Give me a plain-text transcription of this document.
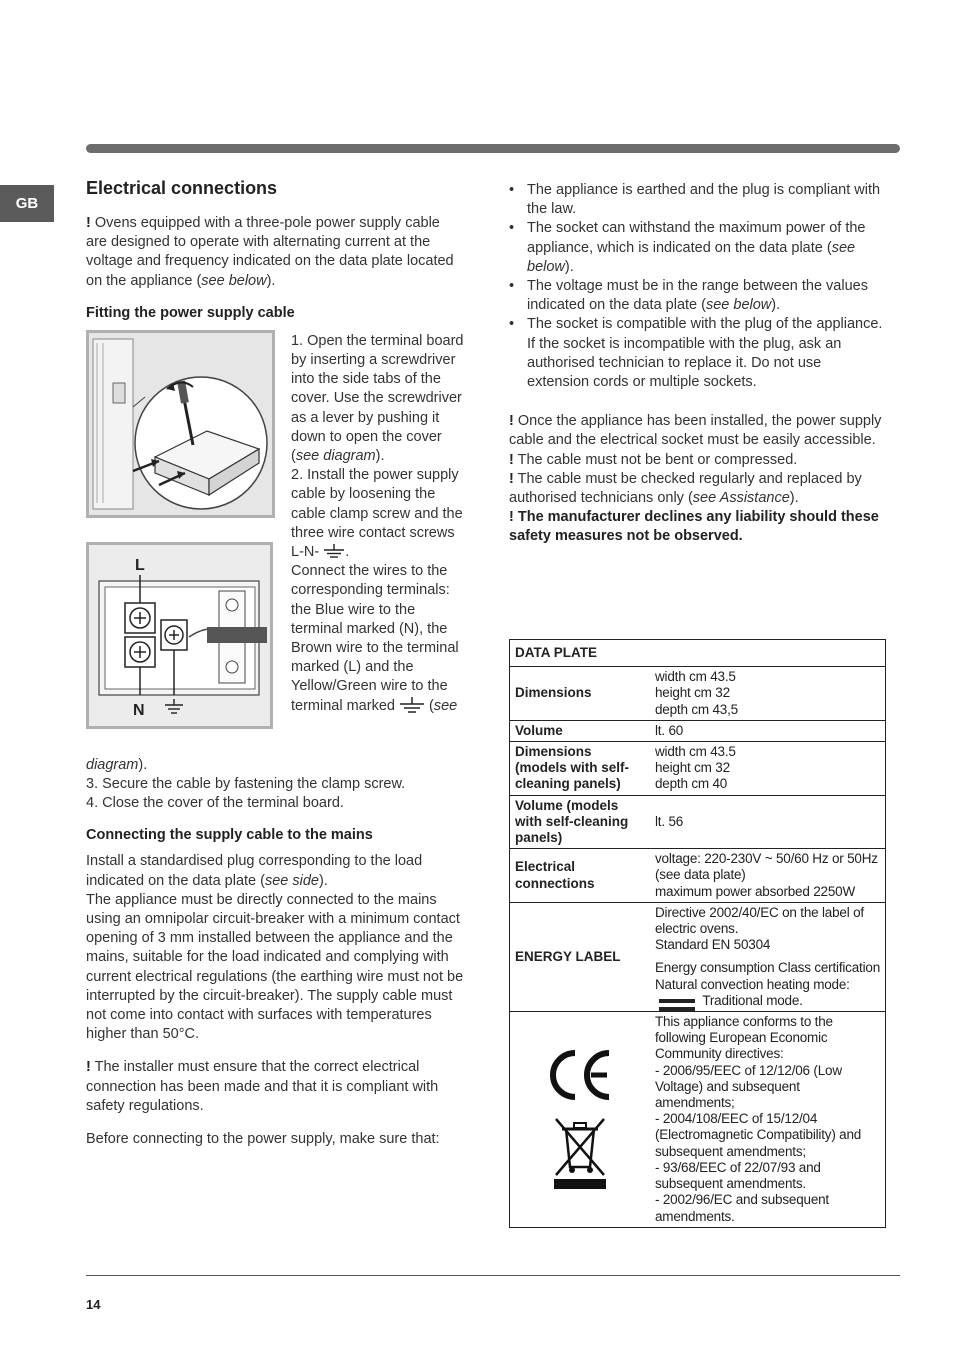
GB
Electrical connections

! Ovens equipped with a three-pole power supply cable are designed to operate with alternating current at the voltage and frequency indicated on the data plate located on the appliance (see below).

Fitting the power supply cable
1. Open the terminal board by inserting a screwdriver into the side tabs of the cover. Use the screwdriver as a lever by pushing it down to open the cover (see diagram).
2. Install the power supply cable by loosening the cable clamp screw and the three wire contact screws L-N- .
Connect the wires to the corresponding terminals: the Blue wire to the terminal marked (N), the Brown wire to the terminal marked (L) and the Yellow/Green wire to the terminal marked  (see
L
N
diagram).
3. Secure the cable by fastening the clamp screw.
4. Close the cover of the terminal board.
Connecting the supply cable to the mains

Install a standardised plug corresponding to the load indicated on the data plate (see side).

The appliance must be directly connected to the mains using an omnipolar circuit-breaker with a minimum contact opening of 3 mm installed between the appliance and the mains, suitable for the load indicated and complying with current electrical regulations (the earthing wire must not be interrupted by the circuit-breaker). The supply cable must not come into contact with surfaces with temperatures higher than 50°C.

! The installer must ensure that the correct electrical connection has been made and that it is compliant with safety regulations.

Before connecting to the power supply, make sure that:

• The appliance is earthed and the plug is compliant with the law.
• The socket can withstand the maximum power of the appliance, which is indicated on the data plate (see below).
• The voltage must be in the range between the values indicated on the data plate (see below).
• The socket is compatible with the plug of the appliance. If the socket is incompatible with the plug, ask an authorised technician to replace it. Do not use extension cords or multiple sockets.

! Once the appliance has been installed, the power supply cable and the electrical socket must be easily accessible.

! The cable must not be bent or compressed.

! The cable must be checked regularly and replaced by authorised technicians only (see Assistance).

! The manufacturer declines any liability should these safety measures not be observed.

DATA PLATE	
Dimensions	width cm 43.5
height cm 32
depth cm 43,5

Volume	lt. 60
Dimensions (models with self-cleaning panels)	width cm 43.5
height cm 32
depth cm 40

Volume (models with self-cleaning panels)	lt. 56
Electrical connections	voltage: 220-230V ~ 50/60 Hz or 50Hz (see data plate)
maximum power absorbed 2250W

ENERGY LABEL	Directive 2002/40/EC on the label of electric ovens.
Standard EN 50304
Energy consumption Class certification Natural convection heating mode: Traditional mode.

This appliance conforms to the following European Economic Community directives:
- 2006/95/EEC of 12/12/06 (Low Voltage) and subsequent amendments;
- 2004/108/EEC of 15/12/04 (Electromagnetic Compatibility) and subsequent amendments;
- 93/68/EEC of 22/07/93 and subsequent amendments.
- 2002/96/EC and subsequent amendments.
14
